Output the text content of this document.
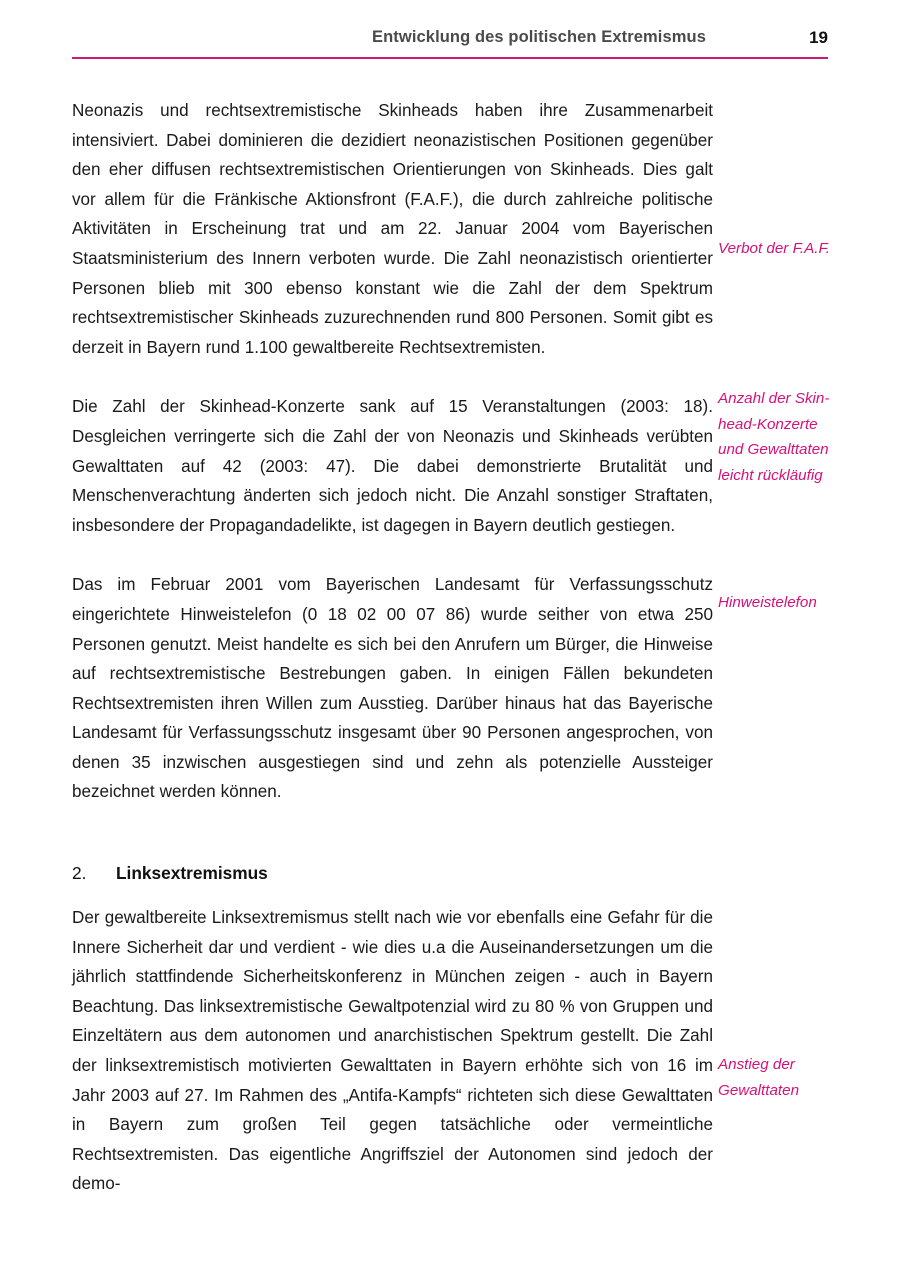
Entwicklung des politischen Extremismus	19

Neonazis und rechtsextremistische Skinheads haben ihre Zusammenarbeit intensiviert. Dabei dominieren die dezidiert neonazistischen Positionen gegenüber den eher diffusen rechtsextremistischen Orientierungen von Skinheads. Dies galt vor allem für die Fränkische Aktionsfront (F.A.F.), die durch zahlreiche politische Aktivitäten in Erscheinung trat und am 22. Januar 2004 vom Bayerischen Staatsministerium des Innern verboten wurde. Die Zahl neonazistisch orientierter Personen blieb mit 300 ebenso konstant wie die Zahl der dem Spektrum rechtsextremistischer Skinheads zuzurechnenden rund 800 Personen. Somit gibt es derzeit in Bayern rund 1.100 gewaltbereite Rechtsextremisten.

Die Zahl der Skinhead-Konzerte sank auf 15 Veranstaltungen (2003: 18). Desgleichen verringerte sich die Zahl der von Neonazis und Skinheads verübten Gewalttaten auf 42 (2003: 47). Die dabei demonstrierte Brutalität und Menschenverachtung änderten sich jedoch nicht. Die Anzahl sonstiger Straftaten, insbesondere der Propagandadelikte, ist dagegen in Bayern deutlich gestiegen.

Das im Februar 2001 vom Bayerischen Landesamt für Verfassungsschutz eingerichtete Hinweistelefon (0 18 02 00 07 86) wurde seither von etwa 250 Personen genutzt. Meist handelte es sich bei den Anrufern um Bürger, die Hinweise auf rechtsextremistische Bestrebungen gaben. In einigen Fällen bekundeten Rechtsextremisten ihren Willen zum Ausstieg. Darüber hinaus hat das Bayerische Landesamt für Verfassungsschutz insgesamt über 90 Personen angesprochen, von denen 35 inzwischen ausgestiegen sind und zehn als potenzielle Aussteiger bezeichnet werden können.

2.	Linksextremismus

Der gewaltbereite Linksextremismus stellt nach wie vor ebenfalls eine Gefahr für die Innere Sicherheit dar und verdient - wie dies u.a die Auseinandersetzungen um die jährlich stattfindende Sicherheitskonferenz in München zeigen - auch in Bayern Beachtung. Das linksextremistische Gewaltpotenzial wird zu 80 % von Gruppen und Einzeltätern aus dem autonomen und anarchistischen Spektrum gestellt. Die Zahl der linksextremistisch motivierten Gewalttaten in Bayern erhöhte sich von 16 im Jahr 2003 auf 27. Im Rahmen des „Antifa-Kampfs“ richteten sich diese Gewalttaten in Bayern zum großen Teil gegen tatsächliche oder vermeintliche Rechtsextremisten. Das eigentliche Angriffsziel der Autonomen sind jedoch der demo-

Verbot der F.A.F.
Anzahl der Skin-
head-Konzerte
und Gewalttaten
leicht rückläufig
Hinweistelefon
Anstieg der
Gewalttaten
